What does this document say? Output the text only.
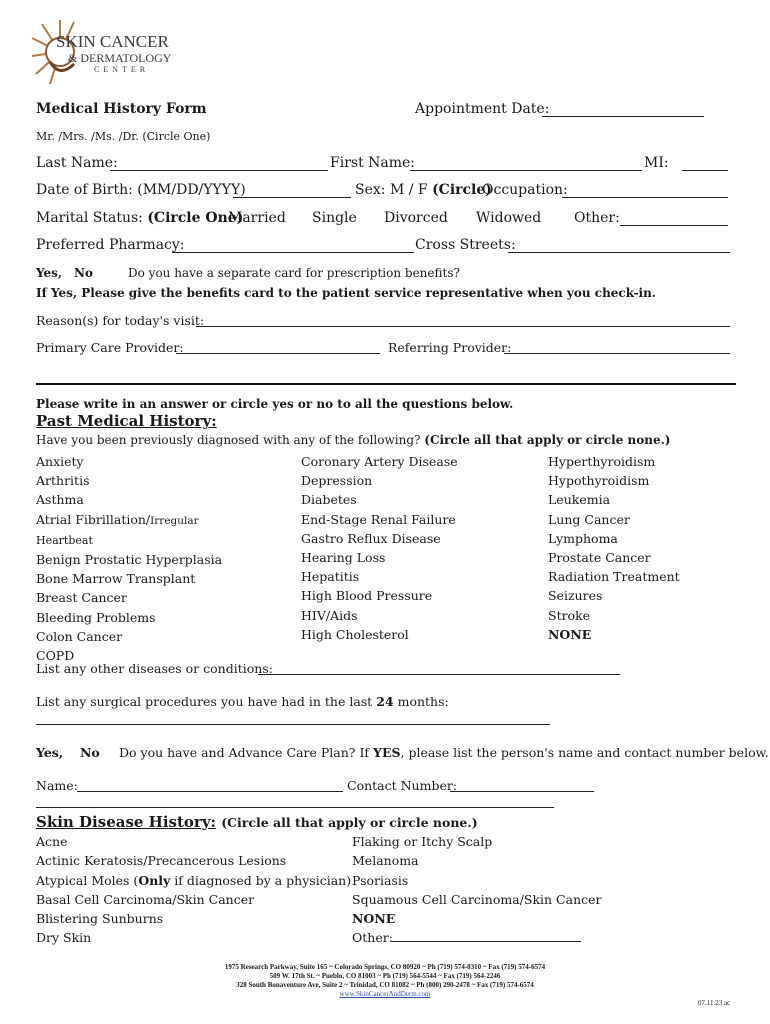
SKIN CANCER
& DERMATOLOGY
CENTER
Medical History Form	Appointment Date:
Mr. /Mrs. /Ms. /Dr. (Circle One)
Last Name:	First Name:	MI:
Date of Birth: (MM/DD/YYYY)	Sex: M / F (Circle)
Occupation:
Marital Status: (Circle One)
Married Single Divorced Widowed Other:
Preferred Pharmacy:	Cross Streets:
Yes, No	Do you have a separate card for prescription benefits?
If Yes, Please give the benefits card to the patient service representative when you check-in.
Reason(s) for today's visit:
Primary Care Provider:	Referring Provider:
Please write in an answer or circle yes or no to all the questions below.
Past Medical History:
Have you been previously diagnosed with any of the following? (Circle all that apply or circle none.)
Anxiety
Arthritis
Asthma
Atrial Fibrillation/Irregular
Heartbeat
Benign Prostatic Hyperplasia
Bone Marrow Transplant
Breast Cancer
Bleeding Problems
Colon Cancer
COPD
Coronary Artery Disease
Depression
Diabetes
End-Stage Renal Failure
Gastro Reflux Disease
Hearing Loss
Hepatitis
High Blood Pressure
HIV/Aids
High Cholesterol
Hyperthyroidism
Hypothyroidism
Leukemia
Lung Cancer
Lymphoma
Prostate Cancer
Radiation Treatment
Seizures
Stroke
NONE
List any other diseases or conditions:
List any surgical procedures you have had in the last 24 months:
Yes, No Do you have and Advance Care Plan? If YES, please list the person's name and contact number below.
Name:	Contact Number:
Skin Disease History: (Circle all that apply or circle none.)
Acne
Actinic Keratosis/Precancerous Lesions
Atypical Moles (Only if diagnosed by a physician)
Basal Cell Carcinoma/Skin Cancer
Blistering Sunburns
Dry Skin
Flaking or Itchy Scalp
Melanoma
Psoriasis
Squamous Cell Carcinoma/Skin Cancer
NONE
Other:
1975 Research Parkway, Suite 165 ~ Colorado Springs, CO 80920 ~ Ph (719) 574-0310 ~ Fax (719) 574-6574
509 W. 17th St. ~ Pueblo, CO 81003 ~ Ph (719) 564-5544 ~ Fax (719) 564-2246
328 South Bonaventure Ave, Suite 2 ~ Trinidad, CO 81082 ~ Ph (800) 290-2478 ~ Fax (719) 574-6574
www.SkinCancerAndDerm.com
07.11.23 ac
